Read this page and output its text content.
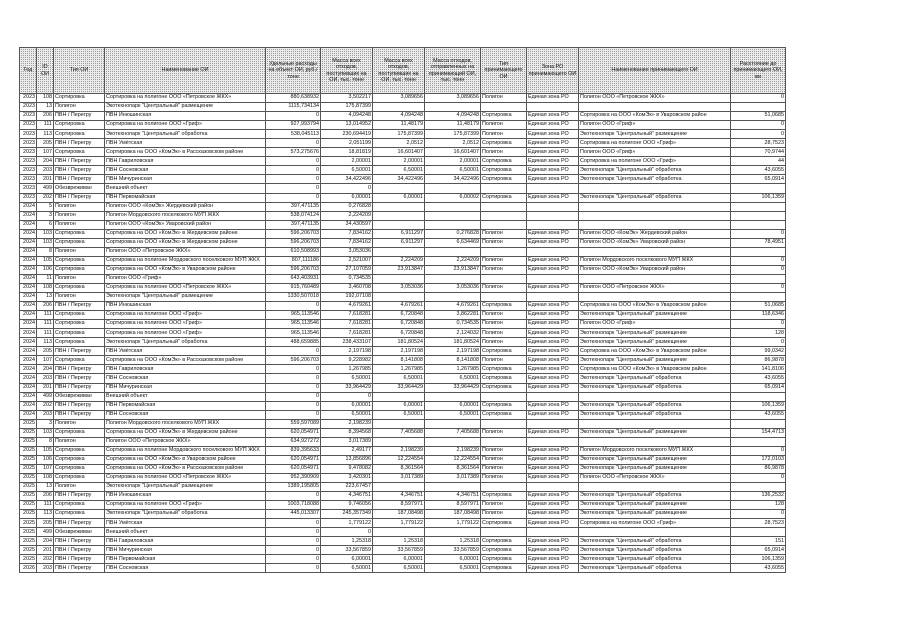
Год	ID ОИ	Тип ОИ	Наименование ОИ	Удельные расходы на объект ОИ, руб./тонн	Масса всех отходов, поступивших на ОИ, тыс. тонн	Масса всех отходов, поступивших на ОИ, тыс. тонн	Масса отходов, отправленных на принимающий ОИ, тыс. тонн	Тип принимающего ОИ	Зона РО принимающего ОИ	Наименование принимающего ОИ	Расстояние до принимающего ОИ, км
2023	108	Сортировка	Сортировка на полигоне ООО «Петровское ЖКХ»	880,638932	3,502217	3,089656	3,089656	Полигон	Единая зона РО	Полигон ООО «Петровское ЖКХ»	0
2023	13	Полигон	Экотехнопарк "Центральный" размещение	1115,734134	175,87399						
2023	206	ПВН / Перегру	ПВН Инюшинская	0	4,094248	4,094248	4,094248	Сортировка	Единая зона РО	Сортировка на ООО «КомЭк» в Уваровском район	51,0685
2023	111	Сортировка	Сортировка на полигоне ООО «Гриф»	927,993794	13,014952	11,48179	11,48179	Полигон	Единая зона РО	Полигон ООО «Гриф»	0
2023	113	Сортировка	Экотехнопарк "Центральный" обработка	538,045113	230,694419	175,87399	175,87399	Полигон	Единая зона РО	Экотехнопарк "Центральный" размещение	0
2023	205	ПВН / Перегру	ПВН Умётская	0	2,051199	2,0512	2,0512	Сортировка	Единая зона РО	Сортировка на полигоне ООО «Гриф»	28,7523
2023	107	Сортировка	Сортировка на ООО «КомЭк» в Рассказовском районе	573,275676	18,81819	16,601407	16,601407	Полигон	Единая зона РО	Полигон ООО «Гриф»	70,9744
2023	204	ПВН / Перегру	ПВН Гавриловская	0	2,00001	2,00001	2,00001	Сортировка	Единая зона РО	Сортировка на полигоне ООО «Гриф»	44
2023	203	ПВН / Перегру	ПВН Сосновская	0	6,50001	6,50001	6,50001	Сортировка	Единая зона РО	Экотехнопарк "Центральный" обработка	43,6055
2023	201	ПВН / Перегру	ПВН Мичуринская	0	34,422496	34,422496	34,422496	Сортировка	Единая зона РО	Экотехнопарк "Центральный" обработка	65,0914
2023	499	Обезвреживан	Внешний объект	0	0						
2023	202	ПВН / Перегру	ПВН Первомайская	0	6,00001	6,00001	6,00002	Сортировка	Единая зона РО	Экотехнопарк "Центральный" обработка	106,1359
2024	5	Полигон	Полигон ООО «КомЭк» Жердевский район	397,471135	0,276828						
2024	3	Полигон	Полигон Мордовского поселкового МУП ЖКХ	538,074124	2,224209						
2024	6	Полигон	Полигон ООО «КомЭк» Уваровский район	397,471135	34,430597						
2024	103	Сортировка	Сортировка на ООО «КомЭк» в Жердевском районе	596,206703	7,834162	6,911297	0,276828	Полигон	Единая зона РО	Полигон ООО «КомЭк» Жердевский район	0
2024	103	Сортировка	Сортировка на ООО «КомЭк» в Жердевском районе	596,206703	7,834162	6,911297	6,634469	Полигон	Единая зона РО	Полигон ООО «КомЭк» Уваровский район	78,4951
2024	8	Полигон	Полигон ООО «Петровское ЖКХ»	610,508993	3,053036						
2024	105	Сортировка	Сортировка на полигоне Мордовского поселкового МУП ЖКХ	807,111186	2,521007	2,224209	2,224209	Полигон	Единая зона РО	Полигон Мордовского поселкового МУП ЖКХ	0
2024	106	Сортировка	Сортировка на ООО «КомЭк» в Уваровском районе	596,206703	27,107059	23,913847	23,913847	Полигон	Единая зона РО	Полигон ООО «КомЭк» Уваровский район	0
2024	11	Полигон	Полигон ООО «Гриф»	643,403931	0,734535						
2024	108	Сортировка	Сортировка на полигоне ООО «Петровское ЖКХ»	915,760489	3,460708	3,053036	3,053036	Полигон	Единая зона РО	Полигон ООО «Петровское ЖКХ»	0
2024	13	Полигон	Экотехнопарк "Центральный" размещение	1330,507018	192,07108						
2024	206	ПВН / Перегру	ПВН Инюшинская	0	4,679261	4,679261	4,679261	Сортировка	Единая зона РО	Сортировка на ООО «КомЭк» в Уваровском район	51,0685
2024	111	Сортировка	Сортировка на полигоне ООО «Гриф»	965,113546	7,618281	6,720848	3,862281	Полигон	Единая зона РО	Экотехнопарк "Центральный" размещение	118,6346
2024	111	Сортировка	Сортировка на полигоне ООО «Гриф»	965,113546	7,618281	6,720848	0,734535	Полигон	Единая зона РО	Полигон ООО «Гриф»	0
2024	111	Сортировка	Сортировка на полигоне ООО «Гриф»	965,113546	7,618281	6,720848	2,124032	Полигон	Единая зона РО	Экотехнопарк "Центральный" размещение	128
2024	113	Сортировка	Экотехнопарк "Центральный" обработка	488,659885	238,433107	181,80524	181,80524	Полигон	Единая зона РО	Экотехнопарк "Центральный" размещение	0
2024	205	ПВН / Перегру	ПВН Умётская	0	2,197198	2,197198	2,197198	Сортировка	Единая зона РО	Сортировка на ООО «КомЭк» в Уваровском район	99,0342
2024	107	Сортировка	Сортировка на ООО «КомЭк» в Рассказовском районе	596,206703	9,228982	8,141808	8,141808	Полигон	Единая зона РО	Экотехнопарк "Центральный" размещение	86,9878
2024	204	ПВН / Перегру	ПВН Гавриловская	0	1,267985	1,267985	1,267985	Сортировка	Единая зона РО	Сортировка на ООО «КомЭк» в Уваровском район	141,8106
2024	203	ПВН / Перегру	ПВН Сосновская	0	6,50001	6,50001	6,50001	Сортировка	Единая зона РО	Экотехнопарк "Центральный" обработка	43,6055
2024	201	ПВН / Перегру	ПВН Мичуринская	0	33,964429	33,964429	33,964429	Сортировка	Единая зона РО	Экотехнопарк "Центральный" обработка	65,0914
2024	499	Обезвреживан	Внешний объект	0	0						
2024	202	ПВН / Перегру	ПВН Первомайская	0	6,00001	6,00001	6,00001	Сортировка	Единая зона РО	Экотехнопарк "Центральный" обработка	106,1359
2024	203	ПВН / Перегру	ПВН Сосновская	0	6,50001	6,50001	6,50001	Сортировка	Единая зона РО	Экотехнопарк "Центральный" обработка	43,6055
2025	3	Полигон	Полигон Мордовского поселкового МУП ЖКХ	559,597089	2,198239						
2025	103	Сортировка	Сортировка на ООО «КомЭк» в Жердевском районе	620,054971	8,394568	7,405688	7,405688	Полигон	Единая зона РО	Экотехнопарк "Центральный" размещение	154,4713
2025	8	Полигон	Полигон ООО «Петровское ЖКХ»	634,927272	3,017389						
2025	105	Сортировка	Сортировка на полигоне Мордовского поселкового МУП ЖКХ	839,395633	2,49177	2,198239	2,198239	Полигон	Единая зона РО	Полигон Мордовского поселкового МУП ЖКХ	0
2025	106	Сортировка	Сортировка на ООО «КомЭк» в Уваровском районе	620,054971	13,856896	12,224554	12,224554	Полигон	Единая зона РО	Экотехнопарк "Центральный" размещение	172,0103
2025	107	Сортировка	Сортировка на ООО «КомЭк» в Рассказовском районе	620,054971	9,478082	8,361564	8,361564	Полигон	Единая зона РО	Экотехнопарк "Центральный" размещение	86,9878
2025	108	Сортировка	Сортировка на полигоне ООО «Петровское ЖКХ»	952,390909	3,420301	3,017389	3,017389	Полигон	Единая зона РО	Полигон ООО «Петровское ЖКХ»	0
2025	13	Полигон	Экотехнопарк "Центральный" размещение	1389,195805	223,67457						
2025	206	ПВН / Перегру	ПВН Инюшинская	0	4,346751	4,346751	4,346751	Сортировка	Единая зона РО	Экотехнопарк "Центральный" обработка	136,2532
2025	111	Сортировка	Сортировка на полигоне ООО «Гриф»	1003,718088	9,746056	8,597971	8,597971	Полигон	Единая зона РО	Экотехнопарк "Центральный" размещение	128
2025	113	Сортировка	Экотехнопарк "Центральный" обработка	445,013307	245,357349	187,08498	187,08498	Полигон	Единая зона РО	Экотехнопарк "Центральный" размещение	0
2025	205	ПВН / Перегру	ПВН Умётская	0	1,779122	1,779122	1,779122	Сортировка	Единая зона РО	Сортировка на полигоне ООО «Гриф»	28,7523
2025	499	Обезвреживан	Внешний объект	0	0						
2025	204	ПВН / Перегру	ПВН Гавриловская	0	1,25318	1,25318	1,25318	Сортировка	Единая зона РО	Экотехнопарк "Центральный" обработка	151
2025	201	ПВН / Перегру	ПВН Мичуринская	0	33,567859	33,567859	33,567859	Сортировка	Единая зона РО	Экотехнопарк "Центральный" обработка	65,0914
2025	202	ПВН / Перегру	ПВН Первомайская	0	6,00001	6,00001	6,00001	Сортировка	Единая зона РО	Экотехнопарк "Центральный" обработка	106,1359
2026	203	ПВН / Перегру	ПВН Сосновская	0	6,50001	6,50001	6,50001	Сортировка	Единая зона РО	Экотехнопарк "Центральный" обработка	43,6055
